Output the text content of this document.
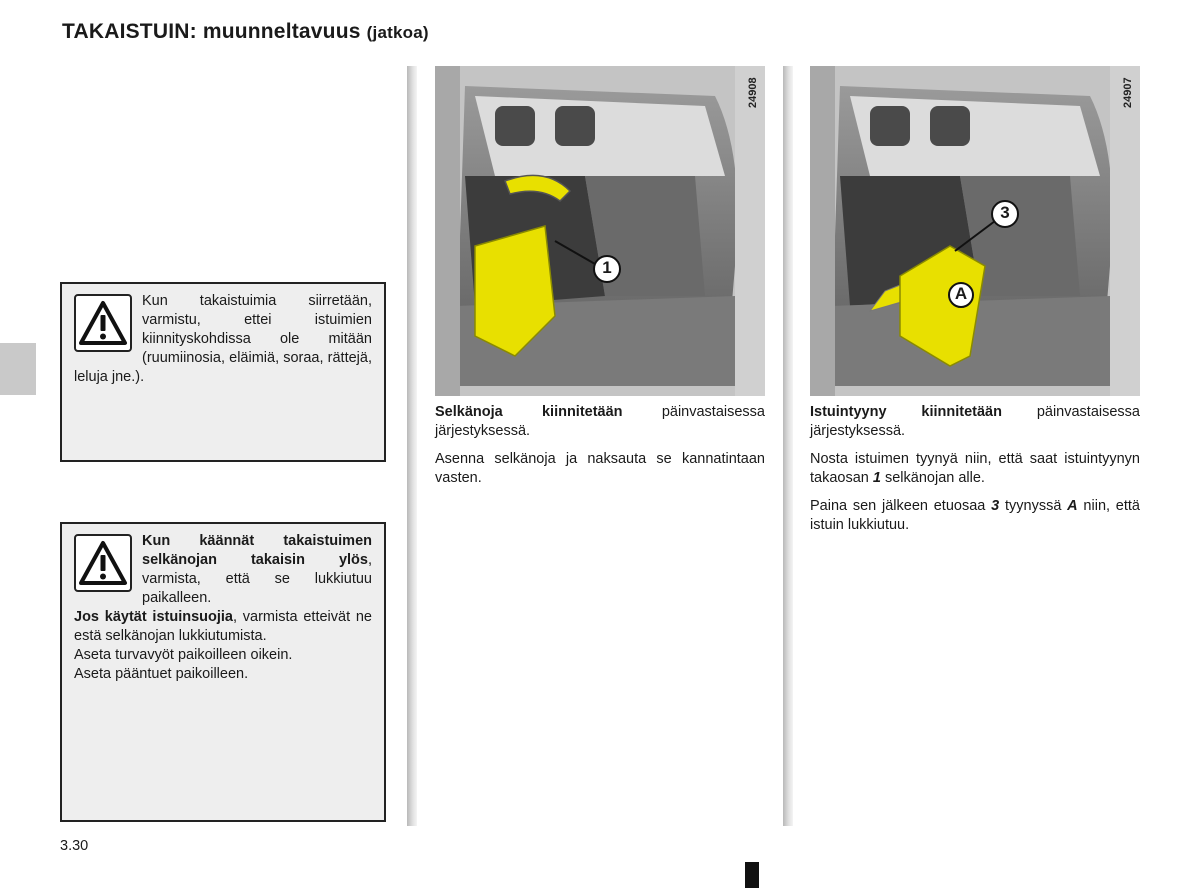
TAKAISTUIN: muunneltavuus (jatkoa)
Kun takaistuimia siirretään, varmistu, ettei istuimien kiinnityskohdissa ole mitään (ruumiinosia, eläimiä, soraa, rättejä, leluja jne.).
Kun käännät takaistuimen selkänojan takaisin ylös, varmista, että se lukkiutuu paikalleen.
Jos käytät istuinsuojia, varmista etteivät ne estä selkänojan lukkiutumista.
Aseta turvavyöt paikoilleen oikein.
Aseta pääntuet paikoilleen.
1
24908

Selkänoja kiinnitetään päinvastaisessa järjestyksessä.

Asenna selkänoja ja naksauta se kannatintaan vasten.

3
A
24907

Istuintyyny kiinnitetään päinvastaisessa järjestyksessä.

Nosta istuimen tyynyä niin, että saat istuintyynyn takaosan 1 selkänojan alle.

Paina sen jälkeen etuosaa 3 tyynyssä A niin, että istuin lukkiutuu.

3.30
